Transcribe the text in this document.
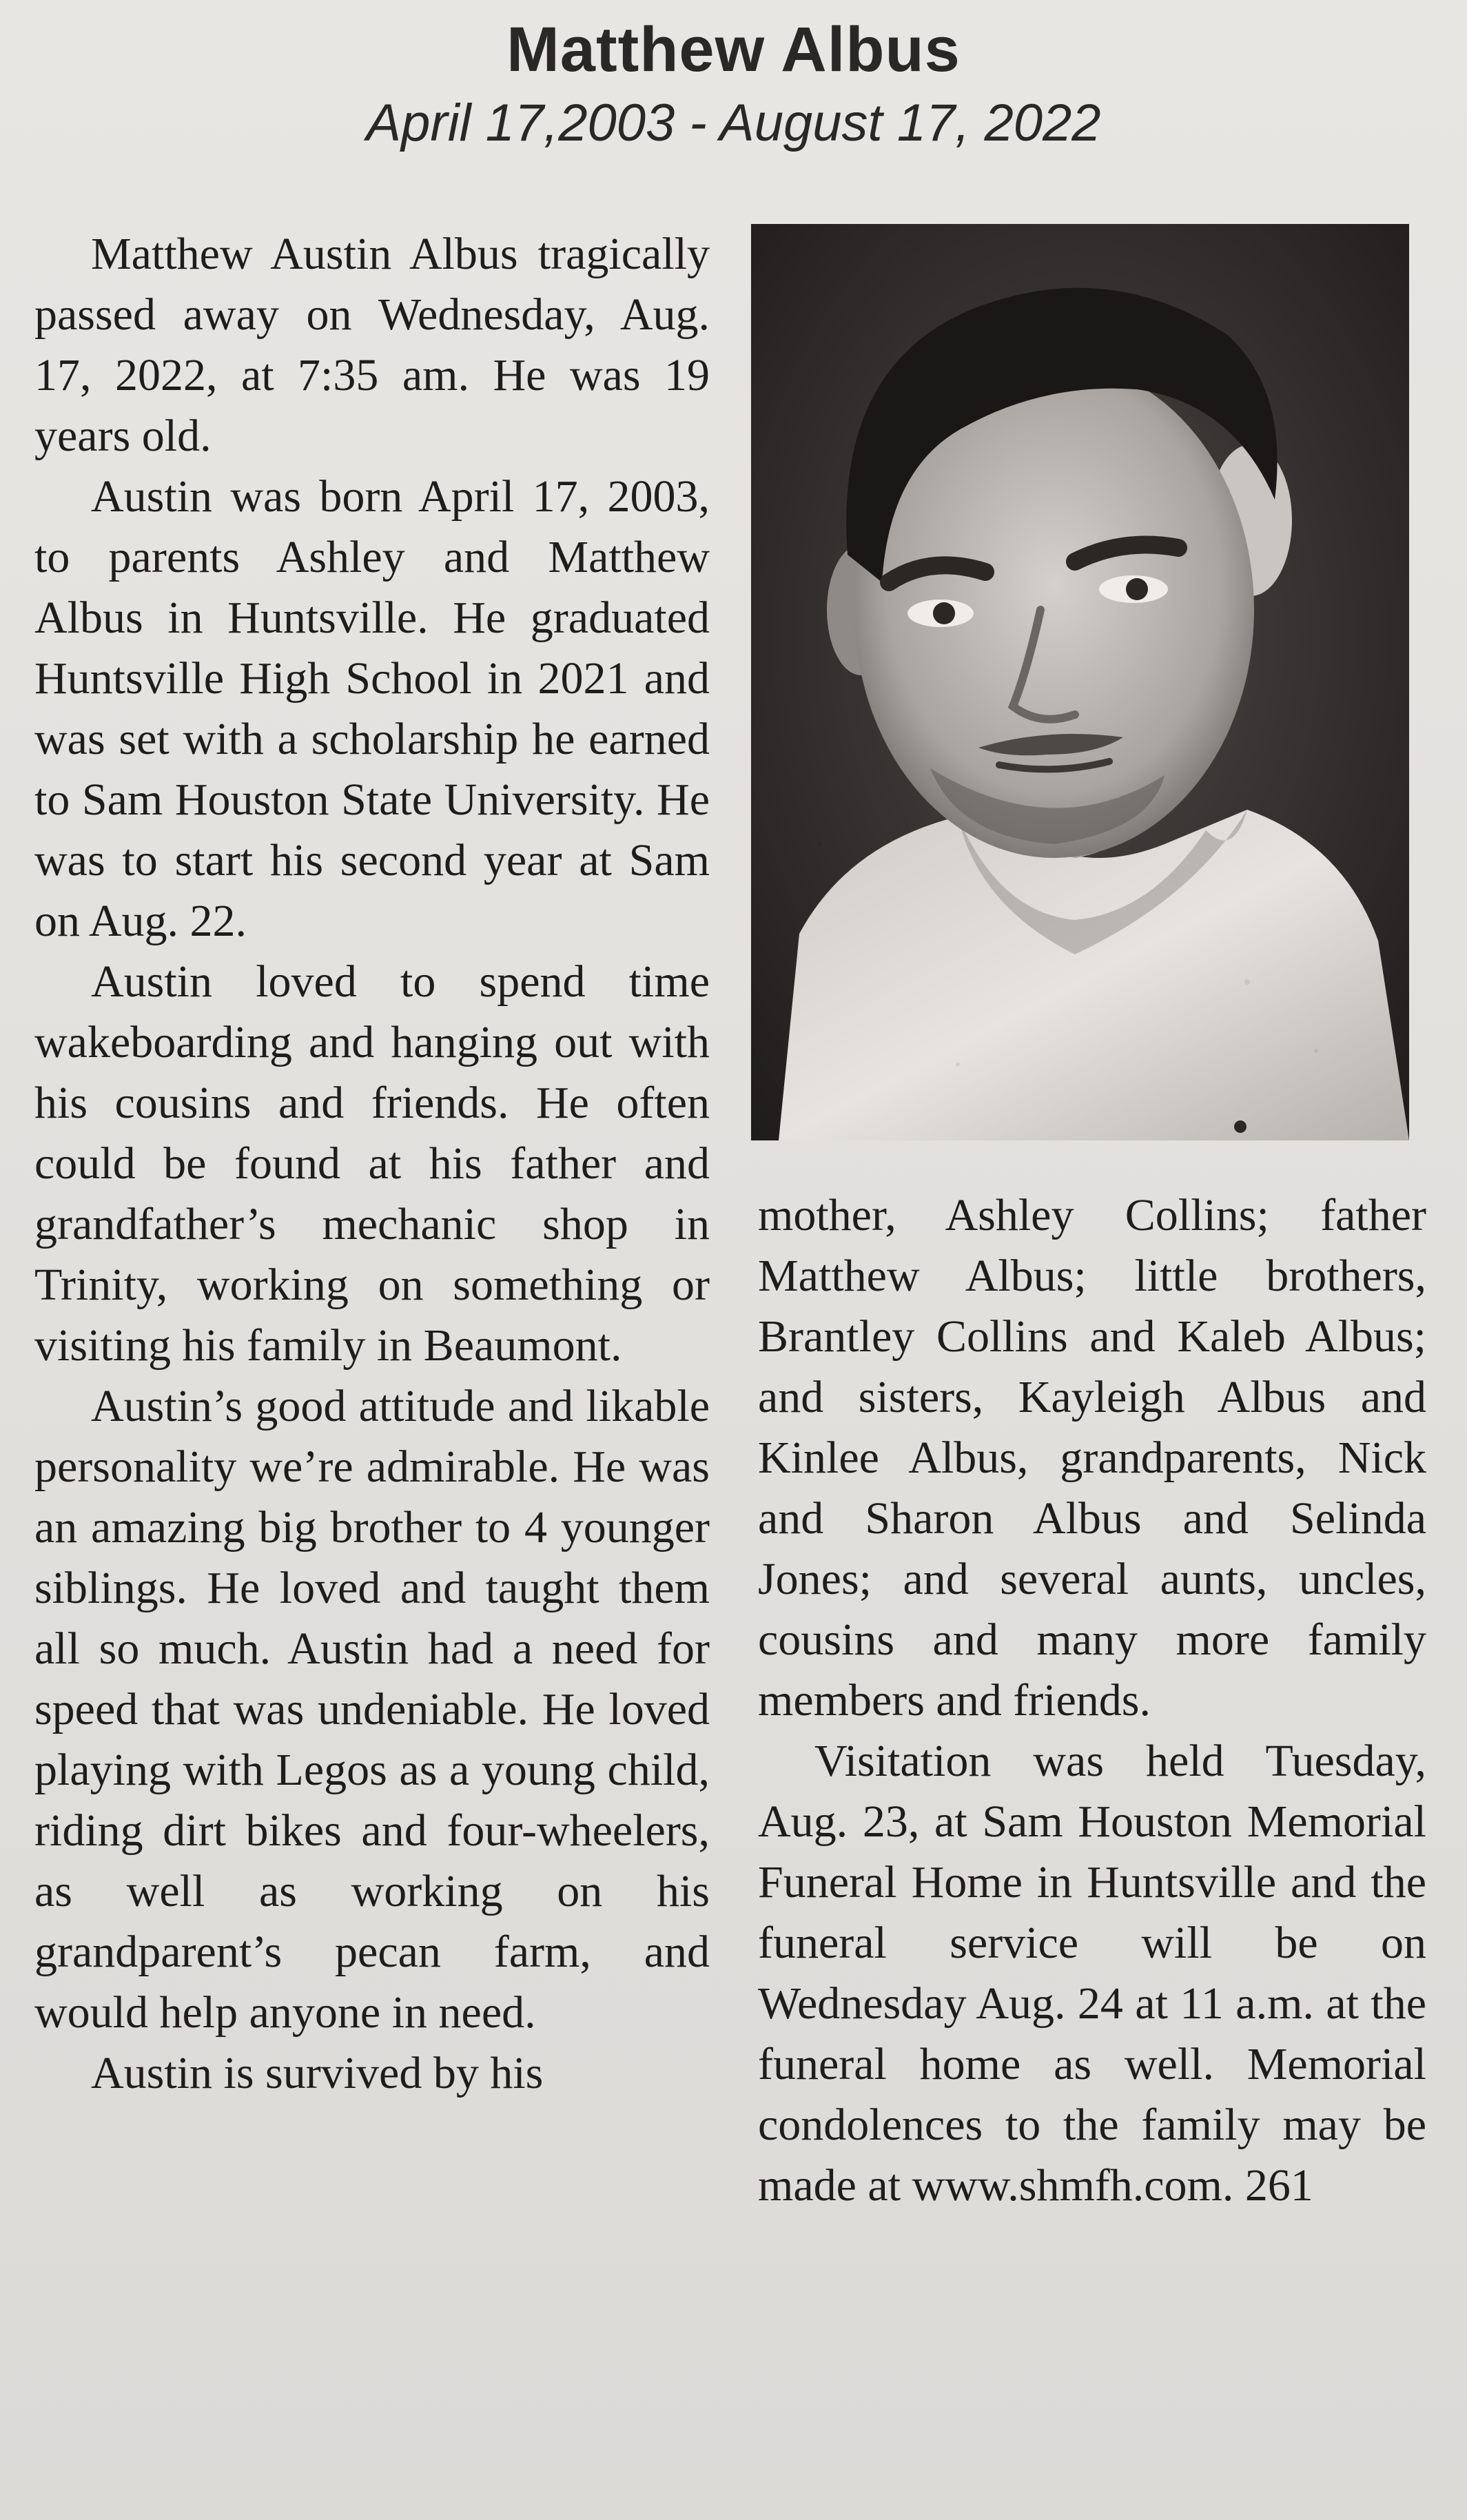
Matthew Albus
April 17,2003 - August 17, 2022

Matthew Austin Albus tragically passed away on Wednesday, Aug. 17, 2022, at 7:35 am. He was 19 years old.

Austin was born April 17, 2003, to parents Ashley and Matthew Albus in Huntsville. He graduated Huntsville High School in 2021 and was set with a scholarship he earned to Sam Houston State University. He was to start his second year at Sam on Aug. 22.

Austin loved to spend time wakeboarding and hanging out with his cousins and friends. He often could be found at his father and grandfather’s mechanic shop in Trinity, working on something or visiting his family in Beaumont.

Austin’s good attitude and likable personality we’re admirable. He was an amazing big brother to 4 younger siblings. He loved and taught them all so much. Austin had a need for speed that was undeniable. He loved playing with Legos as a young child, riding dirt bikes and four-wheelers, as well as working on his grandparent’s pecan farm, and would help anyone in need.

Austin is survived by his

mother, Ashley Collins; father Matthew Albus; little brothers, Brantley Collins and Kaleb Albus; and sisters, Kayleigh Albus and Kinlee Albus, grandparents, Nick and Sharon Albus and Selinda Jones; and several aunts, uncles, cousins and many more family members and friends.

Visitation was held Tuesday, Aug. 23, at Sam Houston Memorial Funeral Home in Huntsville and the funeral service will be on Wednesday Aug. 24 at 11 a.m. at the funeral home as well. Memorial condolences to the family may be made at www.shmfh.com. 261
